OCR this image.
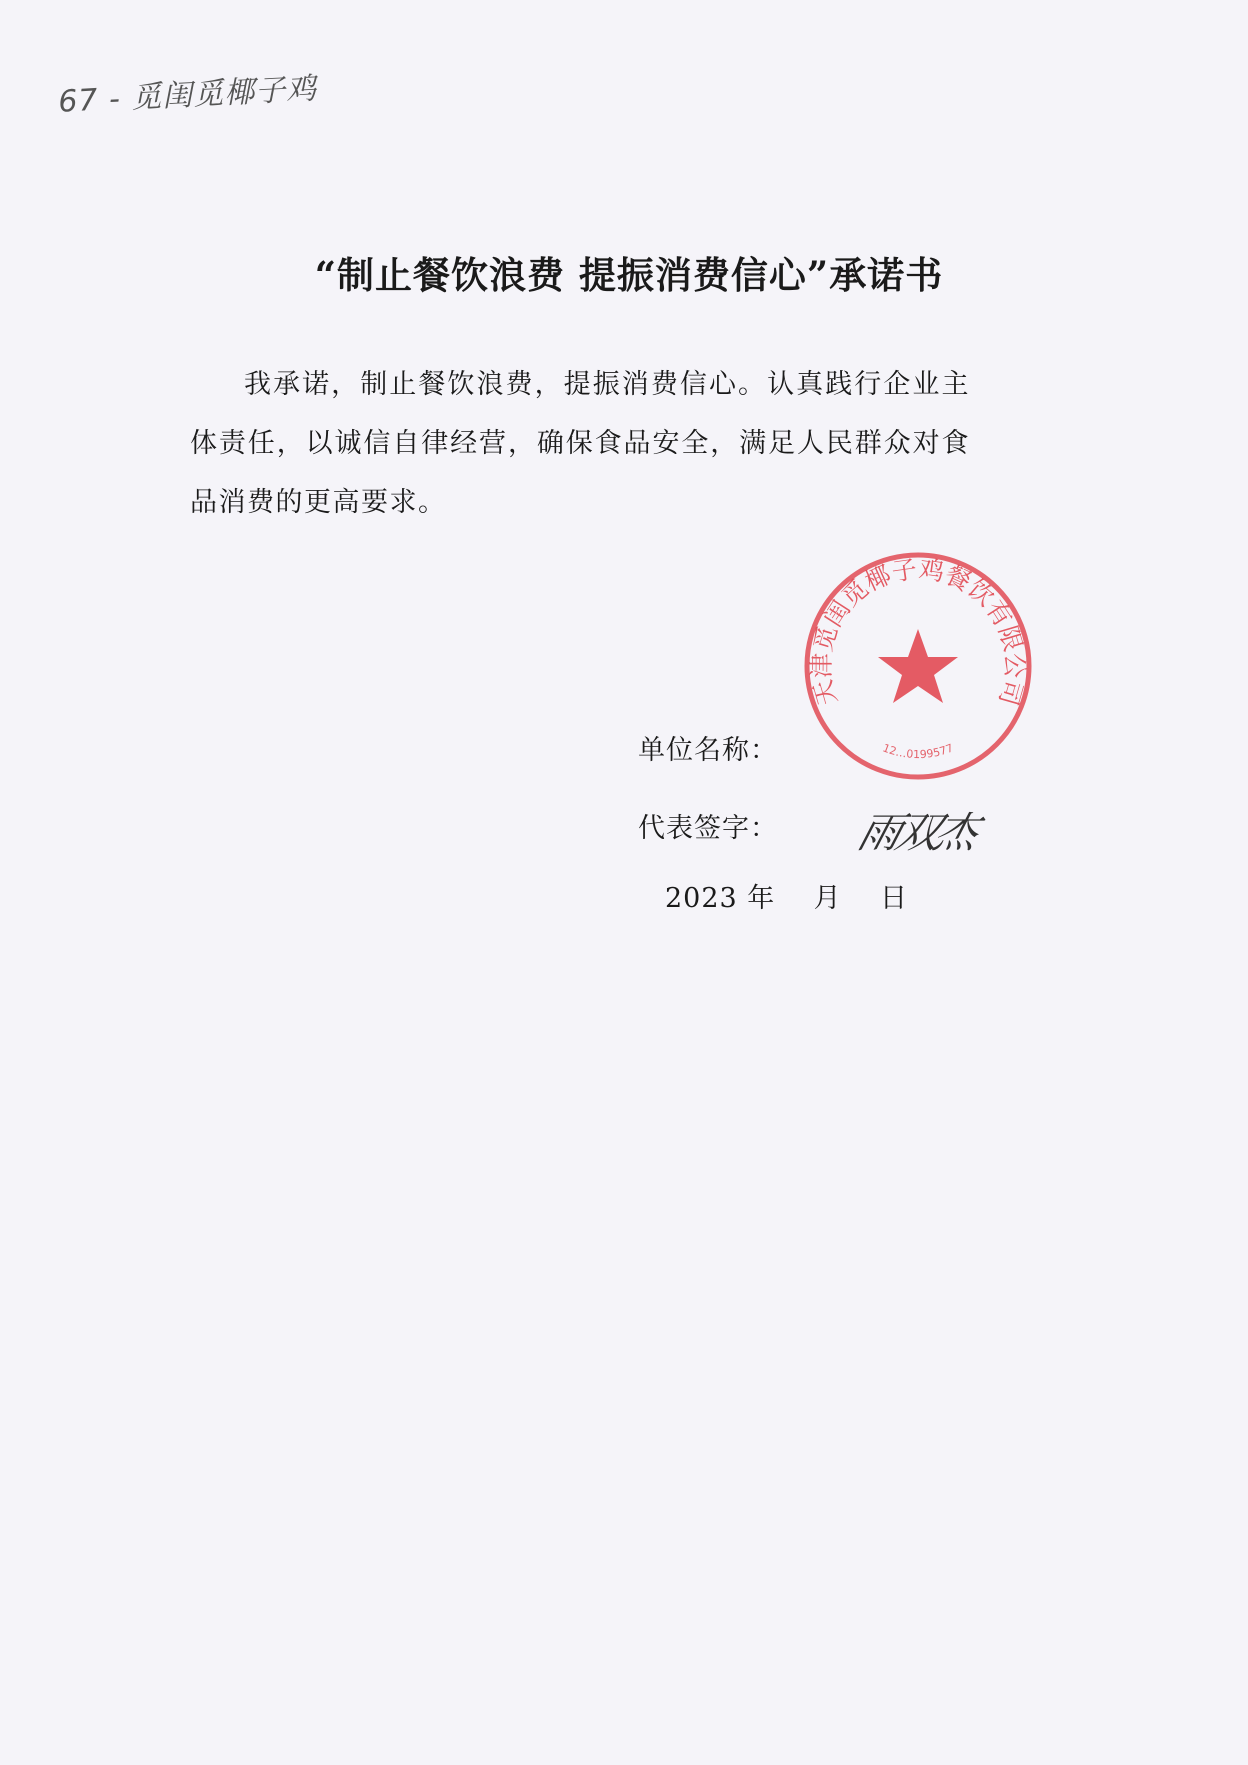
67 - 觅闺觅椰子鸡
“制止餐饮浪费 提振消费信心”承诺书
我承诺，制止餐饮浪费，提振消费信心。认真践行企业主体责任，以诚信自律经营，确保食品安全，满足人民群众对食品消费的更高要求。
天津觅闺觅椰子鸡餐饮有限公司
12…0199577
单位名称：
代表签字： 雨双杰
2023 年    月    日
